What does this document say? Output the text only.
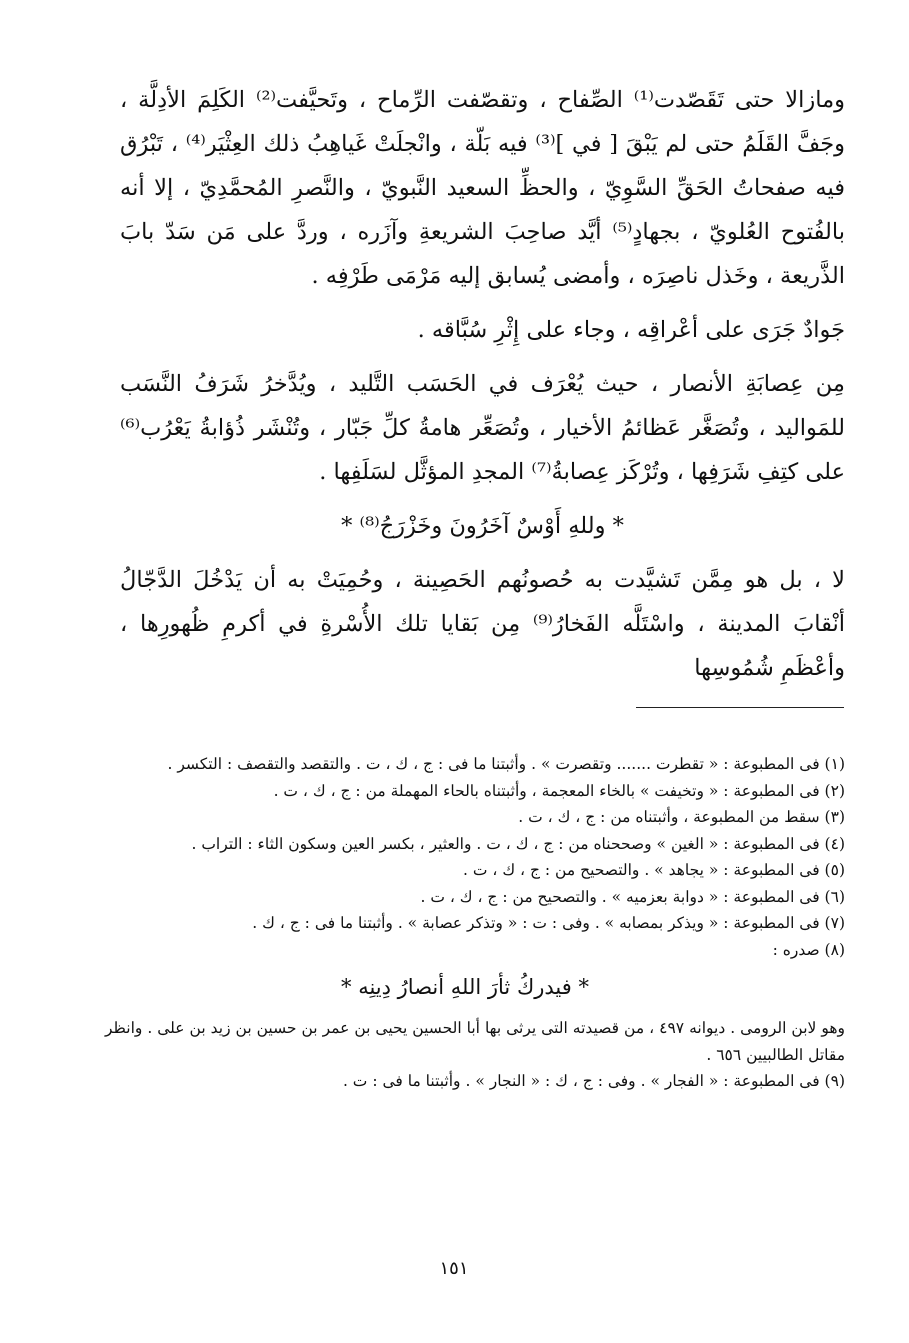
ومازالا حتى تَقَصّدت⁽¹⁾ الصِّفاح ، وتقصّفت الرِّماح ، وتَحيَّفت⁽²⁾ الكَلِمَ الأدِلَّة ، وجَفَّ القَلَمُ حتى لم يَبْقَ [ في ]⁽³⁾ فيه بَلّة ، وانْجلَتْ غَياهِبُ ذلك العِثْيَر⁽⁴⁾ ، تَبْرُق فيه صفحاتُ الحَقِّ السَّوِيّ ، والحظِّ السعيد النَّبويّ ، والنَّصرِ المُحمَّدِيّ ، إلا أنه بالفُتوح العُلويّ ، بجهادٍ⁽⁵⁾ أيَّد صاحِبَ الشريعةِ وآزَره ، وردَّ على مَن سَدّ بابَ الذَّريعة ، وخَذل ناصِرَه ، وأمضى يُسابق إليه مَرْمَى طَرْفِه .

جَوادٌ جَرَى على أعْراقِه ، وجاء على إِثْرِ سُبَّاقه .

مِن عِصابَةِ الأنصار ، حيث يُعْرَف في الحَسَب التَّليد ، ويُدَّخرُ شَرَفُ النَّسَب للمَواليد ، وتُصَغَّر عَظائمُ الأخيار ، وتُصَعِّر هامةُ كلِّ جَبّار ، وتُنْشَر ذُؤابةُ يَعْرُب⁽⁶⁾ على كتِفِ شَرَفِها ، وتُرْكَز عِصابةُ⁽⁷⁾ المجدِ المؤثَّل لسَلَفِها .

* وللهِ أَوْسٌ آخَرُونَ وخَزْرَجُ⁽⁸⁾ *

لا ، بل هو مِمَّن تَشيَّدت به حُصونُهم الحَصِينة ، وحُمِيَتْ به أن يَدْخُلَ الدَّجّالُ أنْقابَ المدينة ، واسْتَلَّه الفَخارُ⁽⁹⁾ مِن بَقايا تلك الأُسْرةِ في أكرمِ ظُهورِها ، وأعْظَمِ شُمُوسِها

(١) فى المطبوعة : « تقطرت ....... وتقصرت » . وأثبتنا ما فى : ج ، ك ، ت . والتقصد والتقصف : التكسر .

(٢) فى المطبوعة : « وتخيفت » بالخاء المعجمة ، وأثبتناه بالحاء المهملة من : ج ، ك ، ت .

(٣) سقط من المطبوعة ، وأثبتناه من : ج ، ك ، ت .

(٤) فى المطبوعة : « الغين » وصححناه من : ج ، ك ، ت . والعثير ، بكسر العين وسكون الثاء : التراب .

(٥) فى المطبوعة : « يجاهد » . والتصحيح من : ج ، ك ، ت .

(٦) فى المطبوعة : « دوابة بعزميه » . والتصحيح من : ج ، ك ، ت .

(٧) فى المطبوعة : « ويذكر بمصابه » . وفى : ت : « وتذكر عصابة » . وأثبتنا ما فى : ج ، ك .

(٨) صدره :

* فيدركُ ثأرَ اللهِ أنصارُ دِينِه *

وهو لابن الرومى . ديوانه ٤٩٧ ، من قصيدته التى يرثى بها أبا الحسين يحيى بن عمر بن حسين بن زيد بن على . وانظر مقاتل الطالبيين ٦٥٦ .

(٩) فى المطبوعة : « الفجار » . وفى : ج ، ك : « النجار » . وأثبتنا ما فى : ت .

١٥١
